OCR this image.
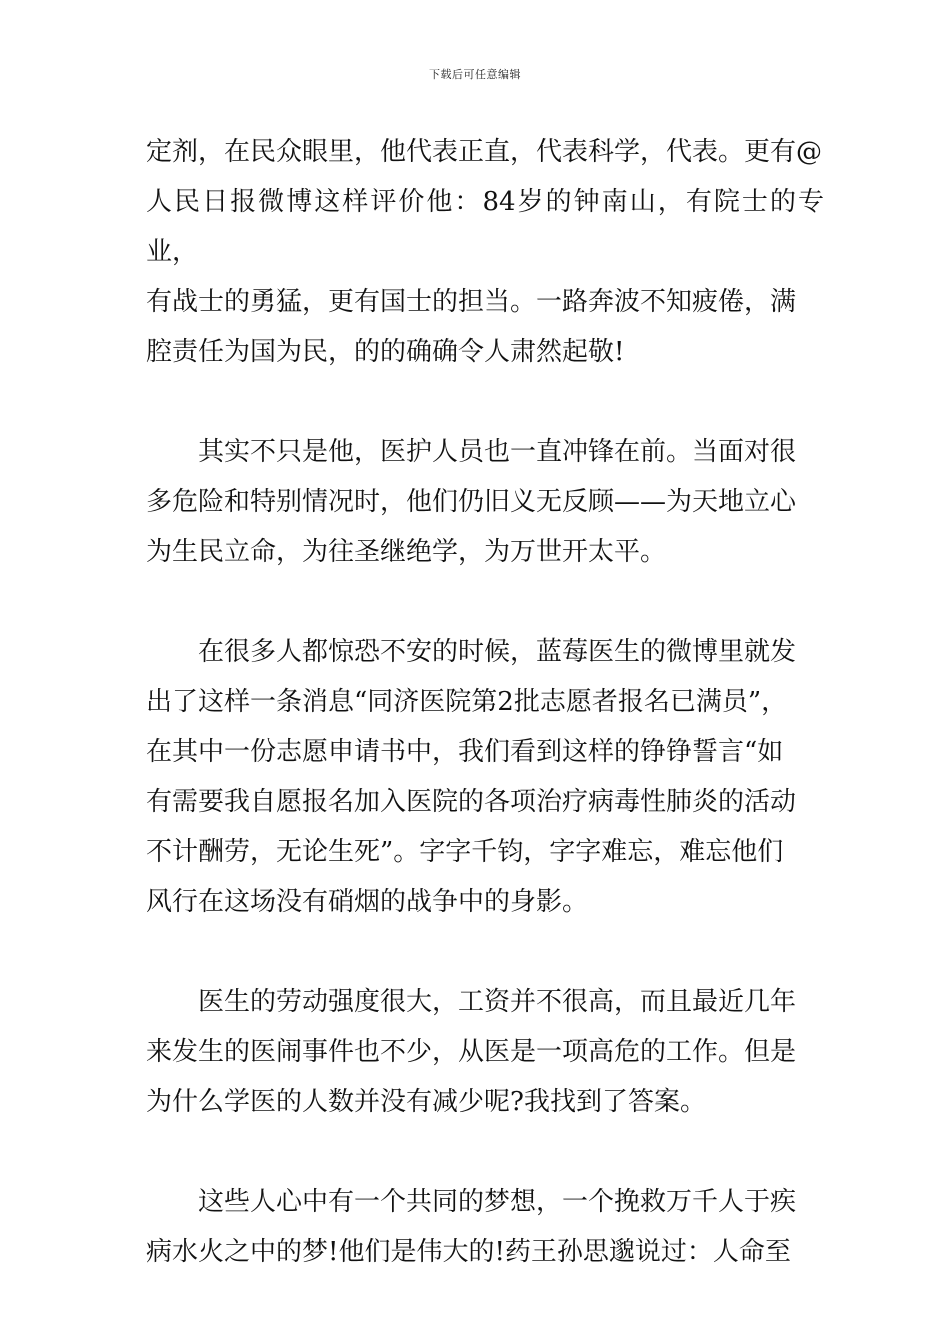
下载后可任意编辑

定剂，在民众眼里，他代表正直，代表科学，代表。更有@
人民日报微博这样评价他：84岁的钟南山，有院士的专业，
有战士的勇猛，更有国士的担当。一路奔波不知疲倦，满
腔责任为国为民，的的确确令人肃然起敬!

　　其实不只是他，医护人员也一直冲锋在前。当面对很
多危险和特别情况时，他们仍旧义无反顾——为天地立心
为生民立命，为往圣继绝学，为万世开太平。

　　在很多人都惊恐不安的时候，蓝莓医生的微博里就发
出了这样一条消息“同济医院第2批志愿者报名已满员”，
在其中一份志愿申请书中，我们看到这样的铮铮誓言“如
有需要我自愿报名加入医院的各项治疗病毒性肺炎的活动
不计酬劳，无论生死”。字字千钧，字字难忘，难忘他们
风行在这场没有硝烟的战争中的身影。

　　医生的劳动强度很大，工资并不很高，而且最近几年
来发生的医闹事件也不少，从医是一项高危的工作。但是
为什么学医的人数并没有减少呢?我找到了答案。

　　这些人心中有一个共同的梦想，一个挽救万千人于疾
病水火之中的梦!他们是伟大的!药王孙思邈说过：人命至
